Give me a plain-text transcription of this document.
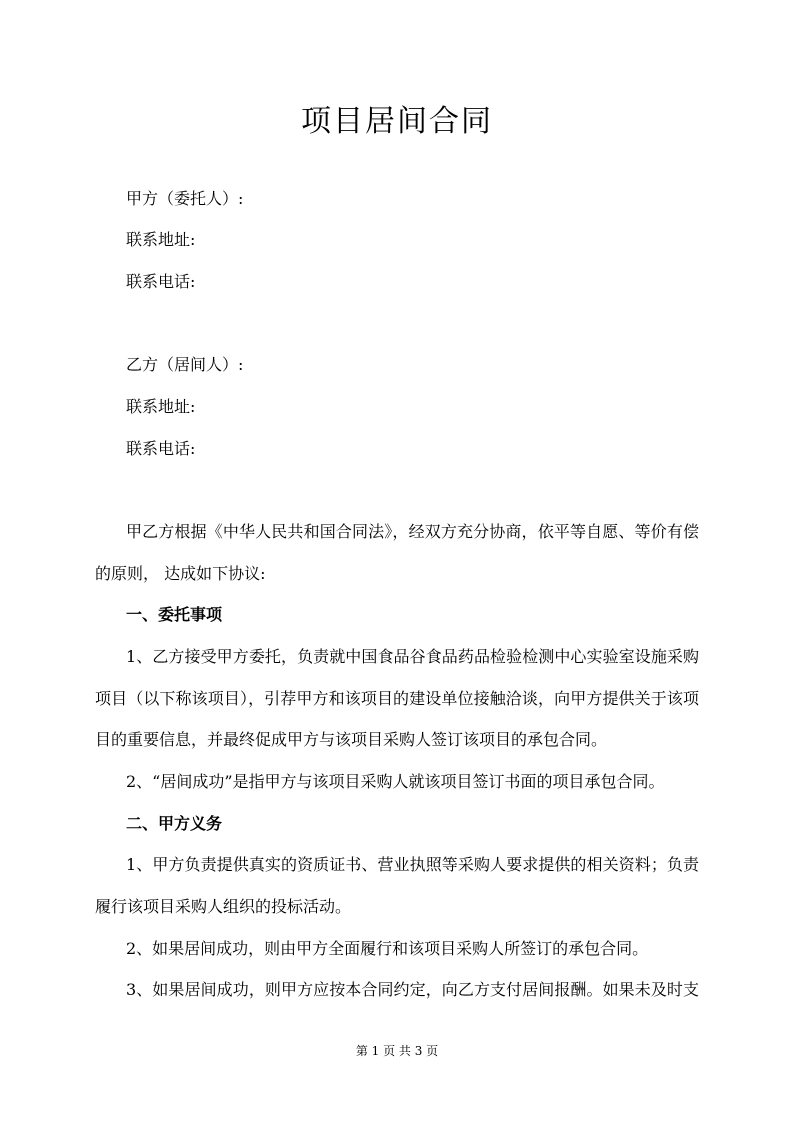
项目居间合同
甲方（委托人）:
联系地址:
联系电话:
乙方（居间人）:
联系地址:
联系电话:
甲乙方根据《中华人民共和国合同法》，经双方充分协商，依平等自愿、等价有偿
的原则， 达成如下协议:
一、委托事项
1、乙方接受甲方委托，负责就中国食品谷食品药品检验检测中心实验室设施采购
项目（以下称该项目），引荐甲方和该项目的建设单位接触洽谈，向甲方提供关于该项
目的重要信息，并最终促成甲方与该项目采购人签订该项目的承包合同。
2、“居间成功”是指甲方与该项目采购人就该项目签订书面的项目承包合同。
二、甲方义务
1、甲方负责提供真实的资质证书、营业执照等采购人要求提供的相关资料；负责
履行该项目采购人组织的投标活动。
2、如果居间成功，则由甲方全面履行和该项目采购人所签订的承包合同。
3、如果居间成功，则甲方应按本合同约定，向乙方支付居间报酬。如果未及时支
第 1 页 共 3 页
